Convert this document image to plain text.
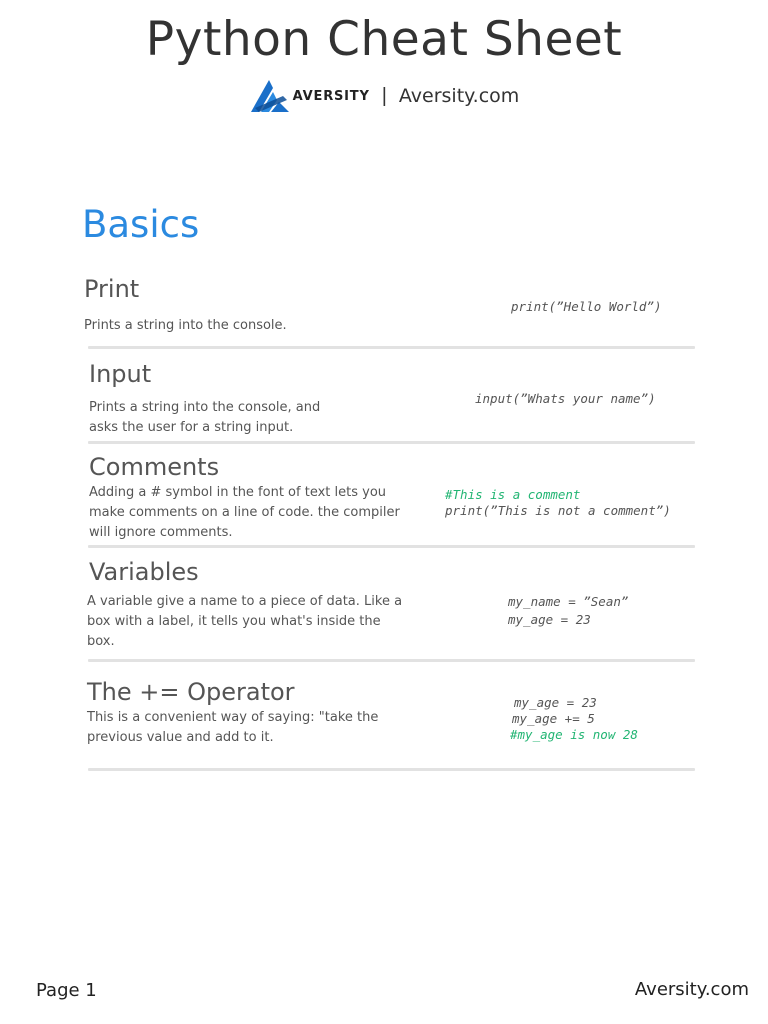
Python Cheat Sheet
AVERSITY | Aversity.com
Basics
Print
Prints a string into the console.
print(”Hello World”)
Input
Prints a string into the console, and asks the user for a string input.
input(”Whats your name”)
Comments
Adding a # symbol in the font of text lets you make comments on a line of code. the compiler will ignore comments.
#This is a comment
print(”This is not a comment”)
Variables
A variable give a name to a piece of data. Like a box with a label, it tells you what's inside the box.
my_name = ”Sean”
my_age = 23
The += Operator
This is a convenient way of saying: "take the previous value and add to it.
my_age = 23
my_age += 5
#my_age is now 28
Page 1	Aversity.com
